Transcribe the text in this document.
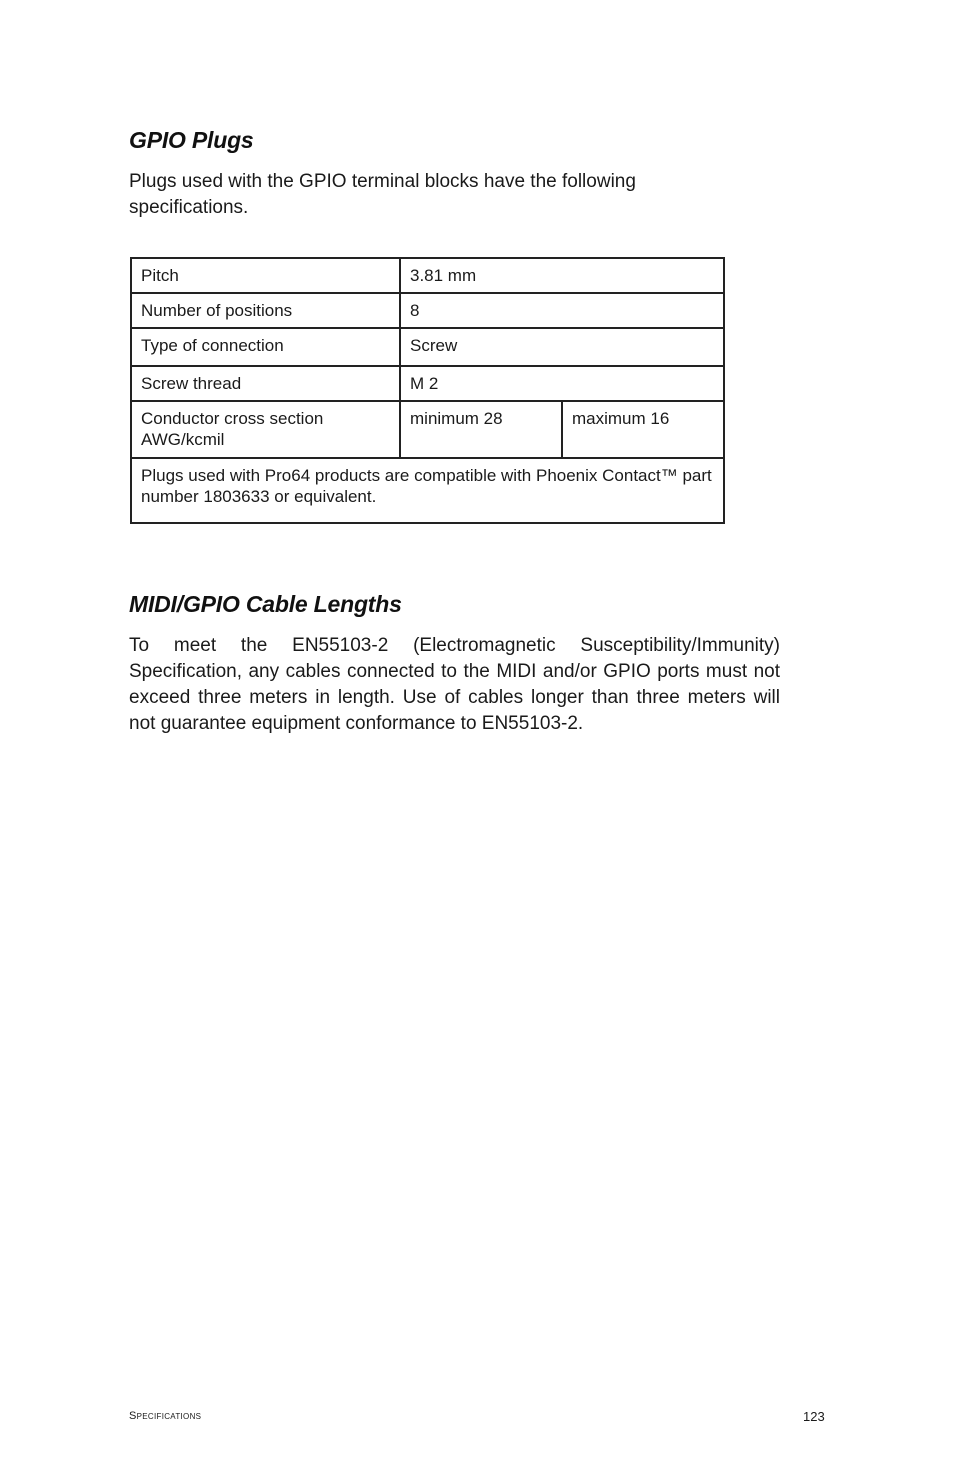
GPIO Plugs

Plugs used with the GPIO terminal blocks have the following specifications.

Pitch	3.81 mm	
Number of positions	8	
Type of connection	Screw	
Screw thread	M 2	
Conductor cross section AWG/kcmil	minimum 28	maximum 16
Plugs used with Pro64 products are compatible with Phoenix Contact™ part number 1803633 or equivalent.		
MIDI/GPIO Cable Lengths

To meet the EN55103-2 (Electromagnetic Susceptibility/Immunity) Specification, any cables connected to the MIDI and/or GPIO ports must not exceed three meters in length. Use of cables longer than three meters will not guarantee equipment conformance to EN55103-2.

Specifications	123
